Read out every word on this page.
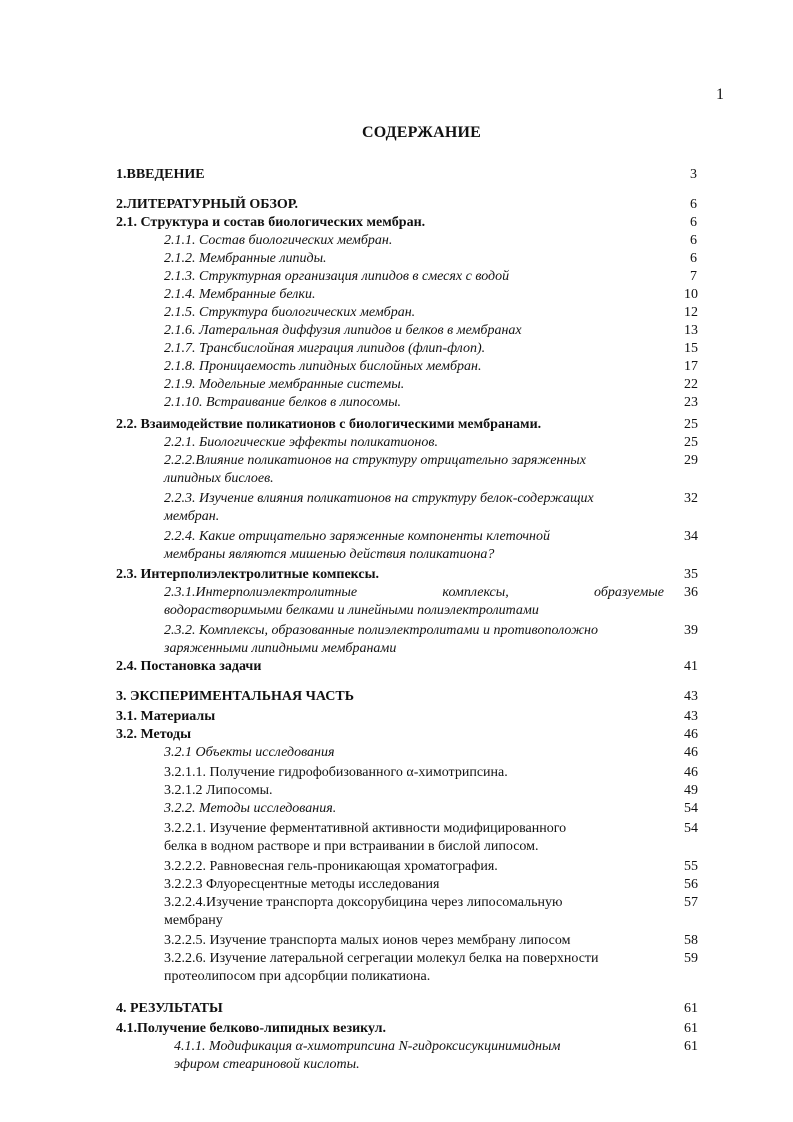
1
СОДЕРЖАНИЕ
1.ВВЕДЕНИЕ	3
2.ЛИТЕРАТУРНЫЙ ОБЗОР.	6
2.1. Структура и состав биологических мембран.	6
2.1.1. Состав биологических мембран.	6
2.1.2. Мембранные липиды.	6
2.1.3. Структурная организация липидов в смесях с водой	7
2.1.4. Мембранные белки.	10
2.1.5. Структура биологических мембран.	12
2.1.6. Латеральная диффузия липидов и белков в мембранах	13
2.1.7. Трансбислойная миграция липидов (флип-флоп).	15
2.1.8. Проницаемость липидных бислойных мембран.	17
2.1.9. Модельные мембранные системы.	22
2.1.10. Встраивание белков в липосомы.	23
2.2. Взаимодействие поликатионов с биологическими мембранами.	25
2.2.1. Биологические эффекты поликатионов.	25
2.2.2.Влияние поликатионов на структуру отрицательно заряженных	29
липидных бислоев.
2.2.3. Изучение влияния поликатионов на структуру белок-содержащих	32
мембран.
2.2.4. Какие отрицательно заряженные компоненты клеточной	34
мембраны являются мишенью действия поликатиона?
2.3. Интерполиэлектролитные компексы.	35
2.3.1.Интерполиэлектролитные комплексы, образуемые 36
водорастворимыми белками и линейными полиэлектролитами
2.3.2. Комплексы, образованные полиэлектролитами и противоположно	39
заряженными липидными мембранами
2.4. Постановка задачи	41
3. ЭКСПЕРИМЕНТАЛЬНАЯ ЧАСТЬ	43
3.1. Материалы	43
3.2. Методы	46
3.2.1 Объекты исследования	46
3.2.1.1. Получение гидрофобизованного α-химотрипсина.	46
3.2.1.2 Липосомы.	49
3.2.2. Методы исследования.	54
3.2.2.1. Изучение ферментативной активности модифицированного	54
белка в водном растворе и при встраивании в бислой липосом.
3.2.2.2. Равновесная гель-проникающая хроматография.	55
3.2.2.3 Флуоресцентные методы исследования	56
3.2.2.4.Изучение транспорта доксорубицина через липосомальную	57
мембрану
3.2.2.5. Изучение транспорта малых ионов через мембрану липосом	58
3.2.2.6. Изучение латеральной сегрегации молекул белка на поверхности	59
протеолипосом при адсорбции поликатиона.
4. РЕЗУЛЬТАТЫ	61
4.1.Получение белково-липидных везикул.	61
4.1.1. Модификация α-химотрипсина N-гидроксисукцинимидным	61
эфиром стеариновой кислоты.
